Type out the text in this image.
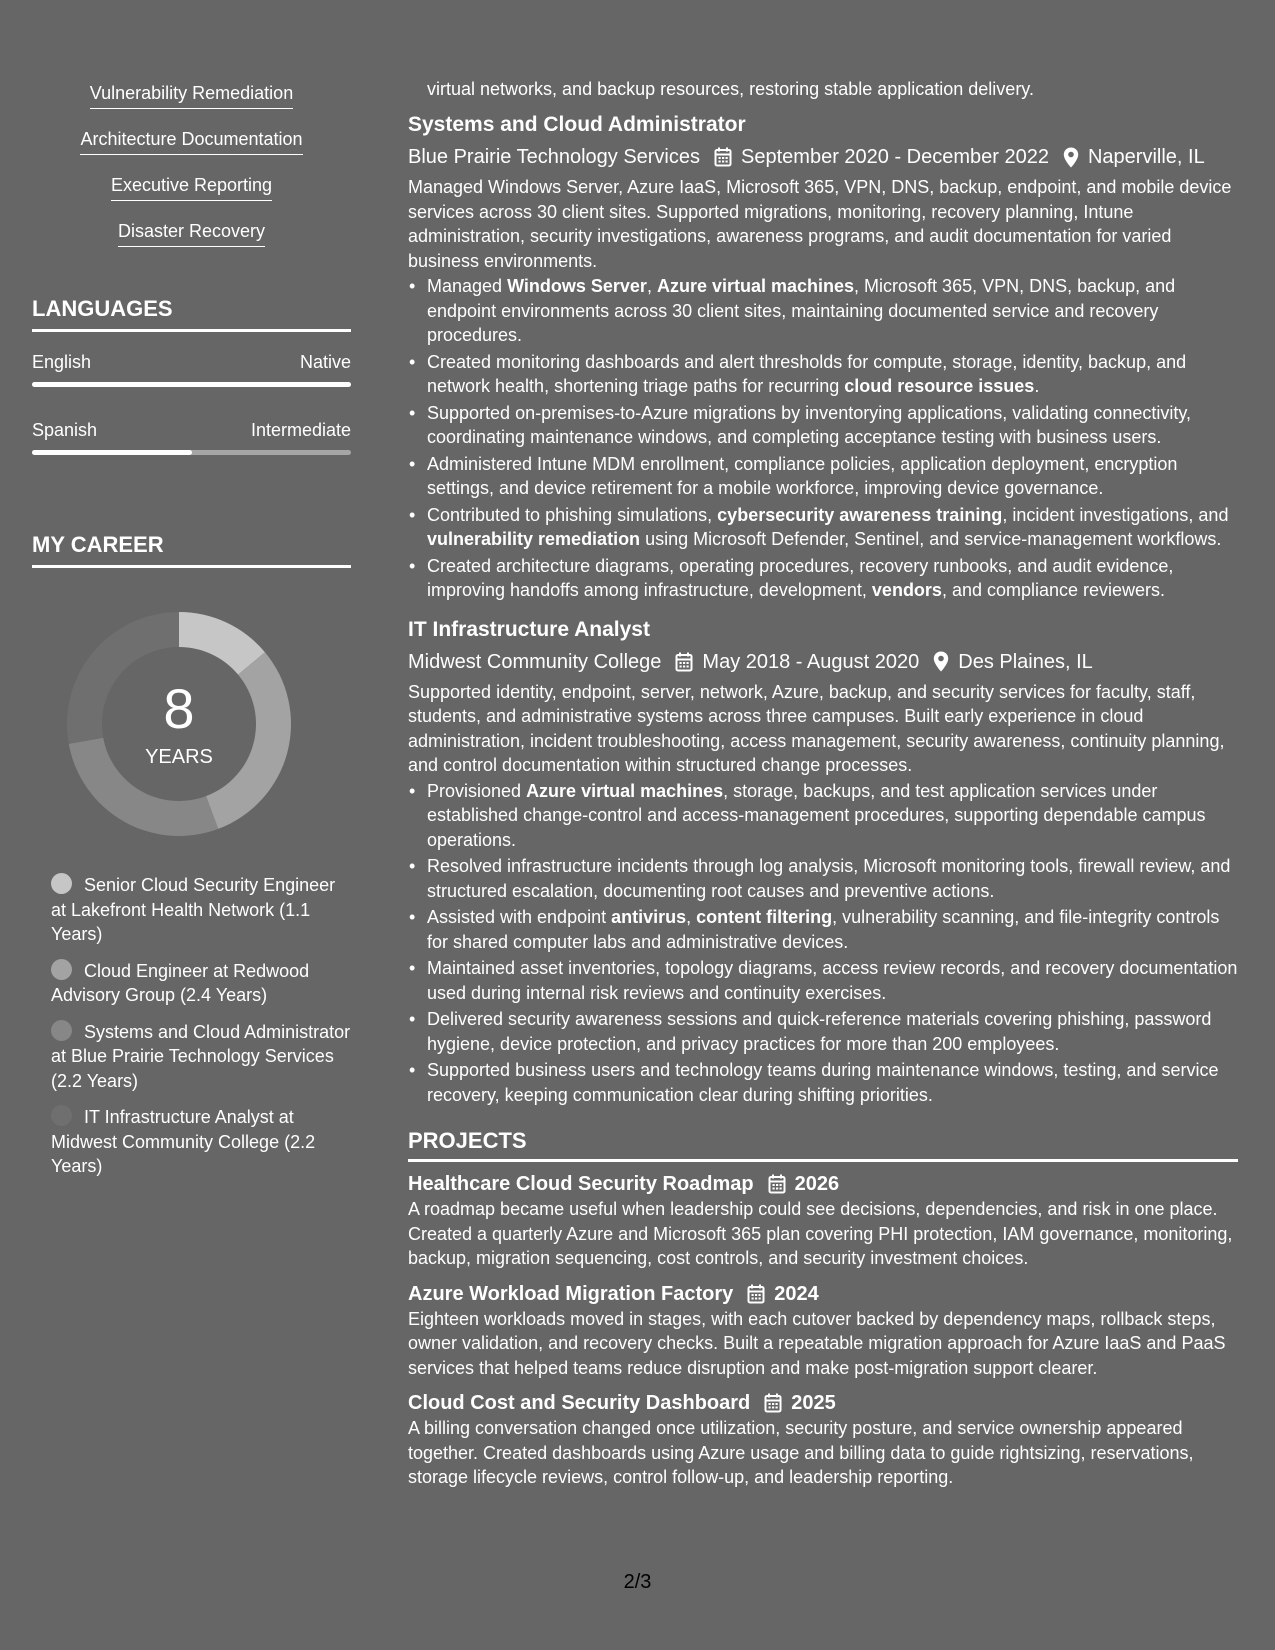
Vulnerability Remediation
Architecture Documentation
Executive Reporting
Disaster Recovery
LANGUAGES
English	Native
Spanish	Intermediate
MY CAREER
8
YEARS
Senior Cloud Security Engineer at Lakefront Health Network (1.1 Years)
Cloud Engineer at Redwood Advisory Group (2.4 Years)
Systems and Cloud Administrator at Blue Prairie Technology Services (2.2 Years)
IT Infrastructure Analyst at Midwest Community College (2.2 Years)

virtual networks, and backup resources, restoring stable application delivery.

Systems and Cloud Administrator
Blue Prairie Technology Services September 2020 - December 2022 Naperville, IL

Managed Windows Server, Azure IaaS, Microsoft 365, VPN, DNS, backup, endpoint, and mobile device services across 30 client sites. Supported migrations, monitoring, recovery planning, Intune administration, security investigations, awareness programs, and audit documentation for varied business environments.

• Managed Windows Server, Azure virtual machines, Microsoft 365, VPN, DNS, backup, and endpoint environments across 30 client sites, maintaining documented service and recovery procedures.
• Created monitoring dashboards and alert thresholds for compute, storage, identity, backup, and network health, shortening triage paths for recurring cloud resource issues.
• Supported on-premises-to-Azure migrations by inventorying applications, validating connectivity, coordinating maintenance windows, and completing acceptance testing with business users.
• Administered Intune MDM enrollment, compliance policies, application deployment, encryption settings, and device retirement for a mobile workforce, improving device governance.
• Contributed to phishing simulations, cybersecurity awareness training, incident investigations, and vulnerability remediation using Microsoft Defender, Sentinel, and service-management workflows.
• Created architecture diagrams, operating procedures, recovery runbooks, and audit evidence, improving handoffs among infrastructure, development, vendors, and compliance reviewers.
IT Infrastructure Analyst
Midwest Community College May 2018 - August 2020 Des Plaines, IL

Supported identity, endpoint, server, network, Azure, backup, and security services for faculty, staff, students, and administrative systems across three campuses. Built early experience in cloud administration, incident troubleshooting, access management, security awareness, continuity planning, and control documentation within structured change processes.

• Provisioned Azure virtual machines, storage, backups, and test application services under established change-control and access-management procedures, supporting dependable campus operations.
• Resolved infrastructure incidents through log analysis, Microsoft monitoring tools, firewall review, and structured escalation, documenting root causes and preventive actions.
• Assisted with endpoint antivirus, content filtering, vulnerability scanning, and file-integrity controls for shared computer labs and administrative devices.
• Maintained asset inventories, topology diagrams, access review records, and recovery documentation used during internal risk reviews and continuity exercises.
• Delivered security awareness sessions and quick-reference materials covering phishing, password hygiene, device protection, and privacy practices for more than 200 employees.
• Supported business users and technology teams during maintenance windows, testing, and service recovery, keeping communication clear during shifting priorities.
PROJECTS
Healthcare Cloud Security Roadmap 2026
A roadmap became useful when leadership could see decisions, dependencies, and risk in one place. Created a quarterly Azure and Microsoft 365 plan covering PHI protection, IAM governance, monitoring, backup, migration sequencing, cost controls, and security investment choices.
Azure Workload Migration Factory 2024
Eighteen workloads moved in stages, with each cutover backed by dependency maps, rollback steps, owner validation, and recovery checks. Built a repeatable migration approach for Azure IaaS and PaaS services that helped teams reduce disruption and make post-migration support clearer.
Cloud Cost and Security Dashboard 2025
A billing conversation changed once utilization, security posture, and service ownership appeared together. Created dashboards using Azure usage and billing data to guide rightsizing, reservations, storage lifecycle reviews, control follow-up, and leadership reporting.
2/3
